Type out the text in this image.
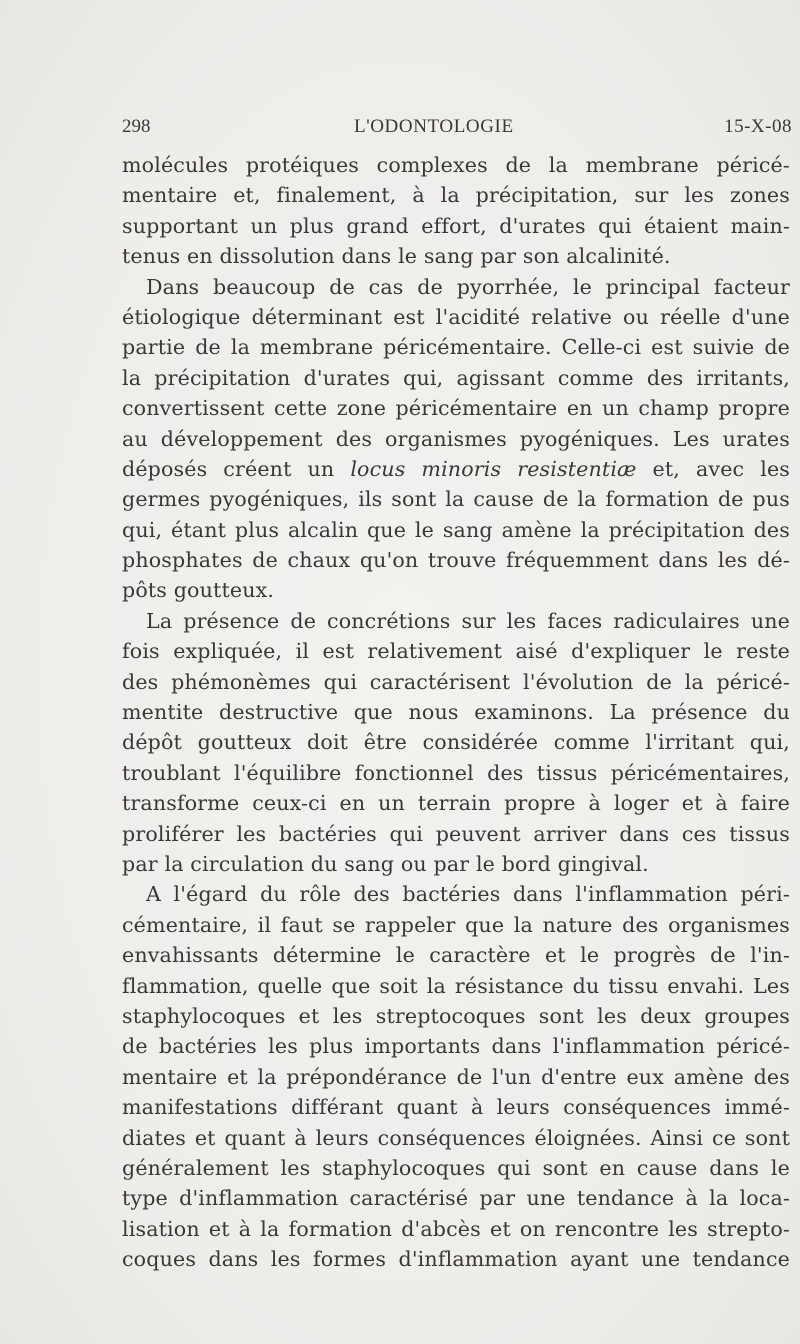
298	L'ODONTOLOGIE	15-X-08
molécules protéiques complexes de la membrane péricé-
mentaire et, finalement, à la précipitation, sur les zones
supportant un plus grand effort, d'urates qui étaient main-
tenus en dissolution dans le sang par son alcalinité.
Dans beaucoup de cas de pyorrhée, le principal facteur
étiologique déterminant est l'acidité relative ou réelle d'une
partie de la membrane péricémentaire. Celle-ci est suivie de
la précipitation d'urates qui, agissant comme des irritants,
convertissent cette zone péricémentaire en un champ propre
au développement des organismes pyogéniques. Les urates
déposés créent un locus minoris resistentiæ et, avec les
germes pyogéniques, ils sont la cause de la formation de pus
qui, étant plus alcalin que le sang amène la précipitation des
phosphates de chaux qu'on trouve fréquemment dans les dé-
pôts goutteux.
La présence de concrétions sur les faces radiculaires une
fois expliquée, il est relativement aisé d'expliquer le reste
des phémonèmes qui caractérisent l'évolution de la péricé-
mentite destructive que nous examinons. La présence du
dépôt goutteux doit être considérée comme l'irritant qui,
troublant l'équilibre fonctionnel des tissus péricémentaires,
transforme ceux-ci en un terrain propre à loger et à faire
proliférer les bactéries qui peuvent arriver dans ces tissus
par la circulation du sang ou par le bord gingival.
A l'égard du rôle des bactéries dans l'inflammation péri-
cémentaire, il faut se rappeler que la nature des organismes
envahissants détermine le caractère et le progrès de l'in-
flammation, quelle que soit la résistance du tissu envahi. Les
staphylocoques et les streptocoques sont les deux groupes
de bactéries les plus importants dans l'inflammation péricé-
mentaire et la prépondérance de l'un d'entre eux amène des
manifestations différant quant à leurs conséquences immé-
diates et quant à leurs conséquences éloignées. Ainsi ce sont
généralement les staphylocoques qui sont en cause dans le
type d'inflammation caractérisé par une tendance à la loca-
lisation et à la formation d'abcès et on rencontre les strepto-
coques dans les formes d'inflammation ayant une tendance
